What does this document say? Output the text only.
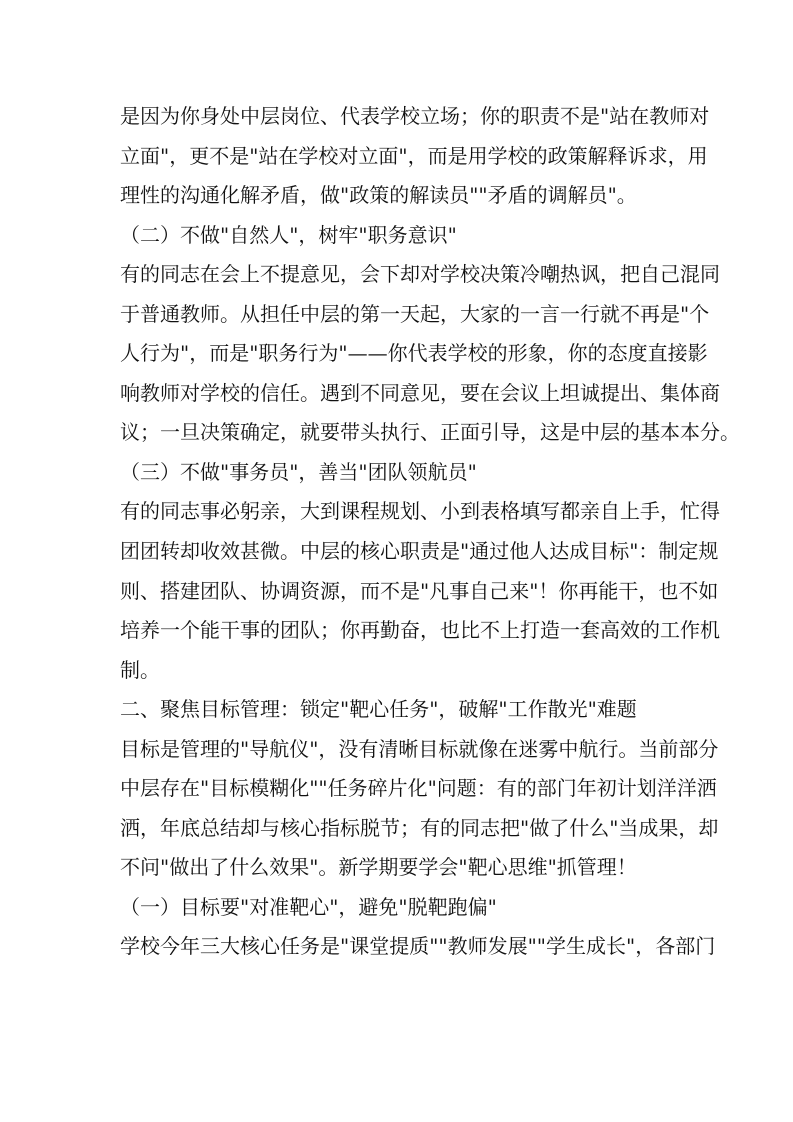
是因为你身处中层岗位、代表学校立场；你的职责不是"站在教师对
立面"，更不是"站在学校对立面"，而是用学校的政策解释诉求，用
理性的沟通化解矛盾，做"政策的解读员""矛盾的调解员"。
（二）不做"自然人"，树牢"职务意识"
有的同志在会上不提意见，会下却对学校决策冷嘲热讽，把自己混同
于普通教师。从担任中层的第一天起，大家的一言一行就不再是"个
人行为"，而是"职务行为"——你代表学校的形象，你的态度直接影
响教师对学校的信任。遇到不同意见，要在会议上坦诚提出、集体商
议；一旦决策确定，就要带头执行、正面引导，这是中层的基本本分。
（三）不做"事务员"，善当"团队领航员"
有的同志事必躬亲，大到课程规划、小到表格填写都亲自上手，忙得
团团转却收效甚微。中层的核心职责是"通过他人达成目标"：制定规
则、搭建团队、协调资源，而不是"凡事自己来"！你再能干，也不如
培养一个能干事的团队；你再勤奋，也比不上打造一套高效的工作机
制。
二、聚焦目标管理：锁定"靶心任务"，破解"工作散光"难题
目标是管理的"导航仪"，没有清晰目标就像在迷雾中航行。当前部分
中层存在"目标模糊化""任务碎片化"问题：有的部门年初计划洋洋洒
洒，年底总结却与核心指标脱节；有的同志把"做了什么"当成果，却
不问"做出了什么效果"。新学期要学会"靶心思维"抓管理！
（一）目标要"对准靶心"，避免"脱靶跑偏"
学校今年三大核心任务是"课堂提质""教师发展""学生成长"，各部门
